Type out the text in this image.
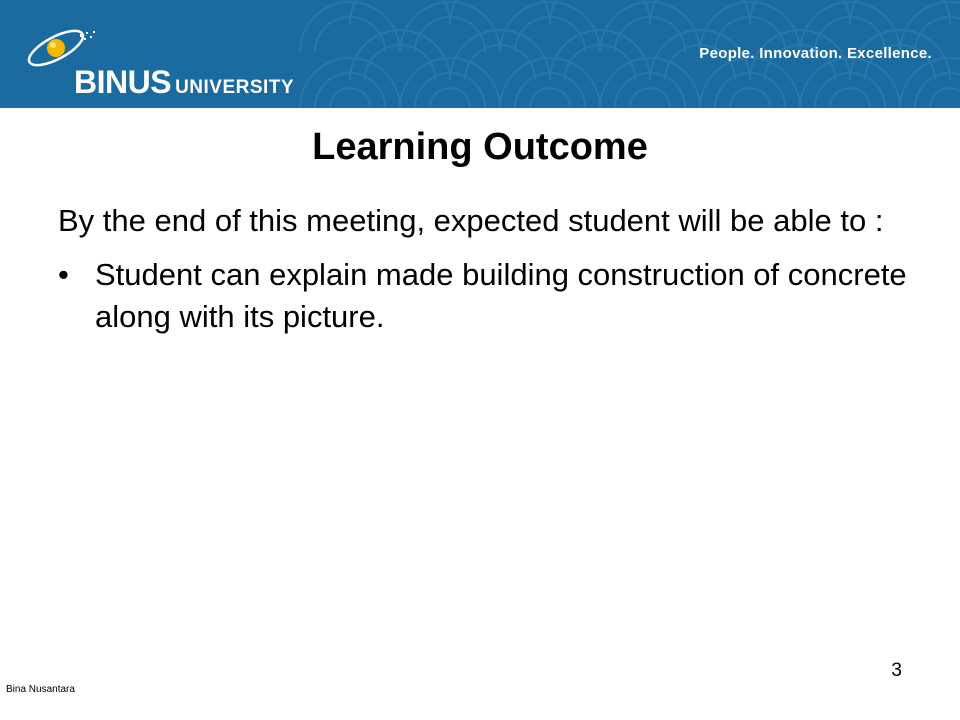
BINUS UNIVERSITY
People. Innovation. Excellence.
Learning Outcome

By the end of this meeting, expected student will be able to :

• Student can explain made building construction of concrete along with its picture.

Bina Nusantara
3
